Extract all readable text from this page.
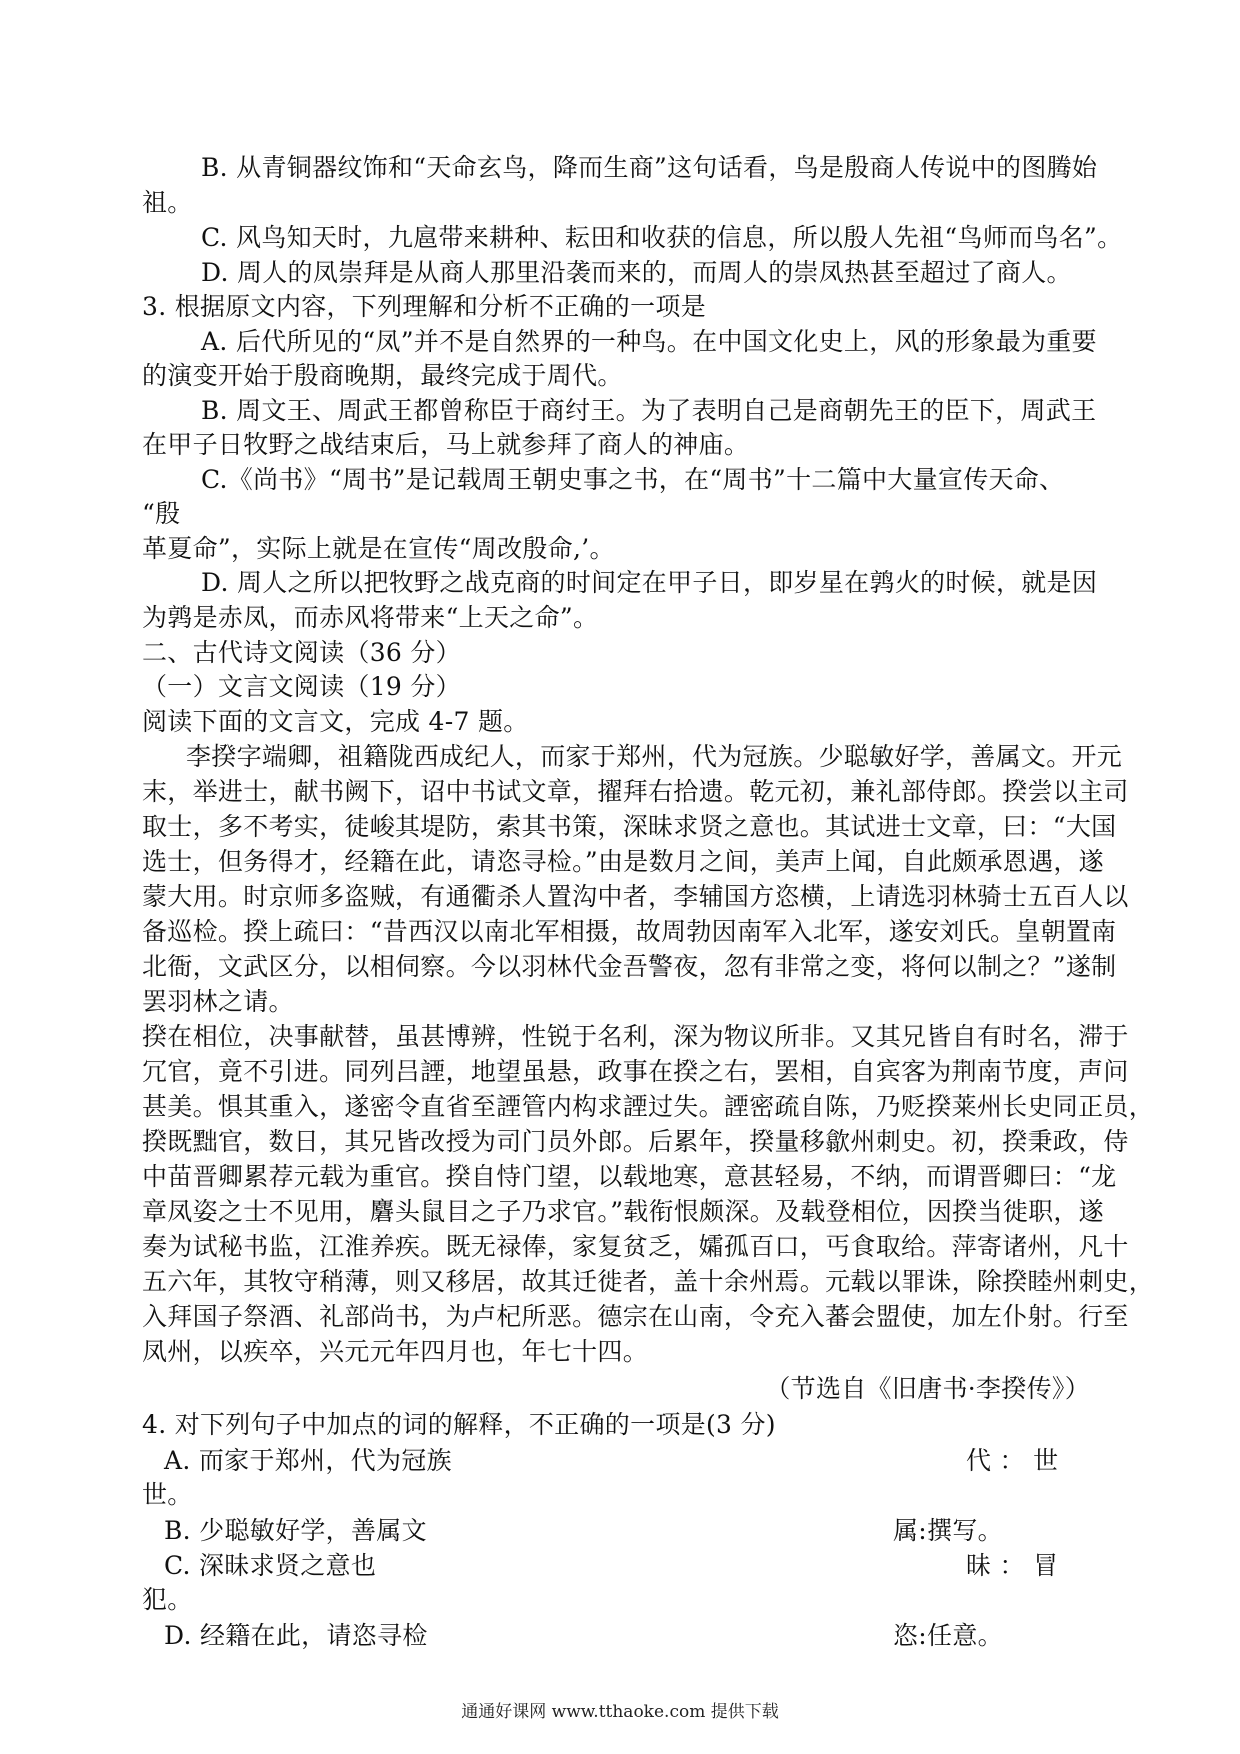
B. 从青铜器纹饰和“天命玄鸟，降而生商”这句话看，鸟是殷商人传说中的图腾始
祖。
C. 风鸟知天时，九扈带来耕种、耘田和收获的信息，所以殷人先祖“鸟师而鸟名”。
D. 周人的凤崇拜是从商人那里沿袭而来的，而周人的崇凤热甚至超过了商人。
3. 根据原文内容，下列理解和分析不正确的一项是
A. 后代所见的“凤”并不是自然界的一种鸟。在中国文化史上，风的形象最为重要
的演变开始于殷商晚期，最终完成于周代。
B. 周文王、周武王都曾称臣于商纣王。为了表明自己是商朝先王的臣下，周武王
在甲子日牧野之战结束后，马上就参拜了商人的神庙。
C.《尚书》“周书”是记载周王朝史事之书，在“周书”十二篇中大量宣传天命、
“殷
革夏命”，实际上就是在宣传“周改殷命,’。
D. 周人之所以把牧野之战克商的时间定在甲子日，即岁星在鹑火的时候，就是因
为鹑是赤凤，而赤风将带来“上天之命”。
二、古代诗文阅读（36 分）
（一）文言文阅读（19 分）
阅读下面的文言文，完成 4-7 题。
李揆字端卿，祖籍陇西成纪人，而家于郑州，代为冠族。少聪敏好学，善属文。开元
末，举进士，献书阙下，诏中书试文章，擢拜右拾遗。乾元初，兼礼部侍郎。揆尝以主司
取士，多不考实，徒峻其堤防，索其书策，深昧求贤之意也。其试进士文章，曰：“大国
选士，但务得才，经籍在此，请恣寻检。”由是数月之间，美声上闻，自此颇承恩遇，遂
蒙大用。时京师多盗贼，有通衢杀人置沟中者，李辅国方恣横，上请选羽林骑士五百人以
备巡检。揆上疏曰：“昔西汉以南北军相摄，故周勃因南军入北军，遂安刘氏。皇朝置南
北衙，文武区分，以相伺察。今以羽林代金吾警夜，忽有非常之变，将何以制之？”遂制
罢羽林之请。
揆在相位，决事献替，虽甚博辨，性锐于名利，深为物议所非。又其兄皆自有时名，滞于
冗官，竟不引进。同列吕諲，地望虽悬，政事在揆之右，罢相，自宾客为荆南节度，声问
甚美。惧其重入，遂密令直省至諲管内构求諲过失。諲密疏自陈，乃贬揆莱州长史同正员，
揆既黜官，数日，其兄皆改授为司门员外郎。后累年，揆量移歙州刺史。初，揆秉政，侍
中苗晋卿累荐元载为重官。揆自恃门望，以载地寒，意甚轻易，不纳，而谓晋卿曰：“龙
章凤姿之士不见用，麏头鼠目之子乃求官。”载衔恨颇深。及载登相位，因揆当徙职，遂
奏为试秘书监，江淮养疾。既无禄俸，家复贫乏，孀孤百口，丐食取给。萍寄诸州，凡十
五六年，其牧守稍薄，则又移居，故其迁徙者，盖十余州焉。元载以罪诛，除揆睦州刺史，
入拜国子祭酒、礼部尚书，为卢杞所恶。德宗在山南，令充入蕃会盟使，加左仆射。行至
凤州，以疾卒，兴元元年四月也，年七十四。
（节选自《旧唐书·李揆传》）
4. 对下列句子中加点的词的解释，不正确的一项是(3 分)
A. 而家于郑州，代为冠族	代 ： 世
世。
B. 少聪敏好学，善属文	属:撰写。
C. 深昧求贤之意也	昧 ： 冒
犯。
D. 经籍在此，请恣寻检	恣:任意。
通通好课网 www.tthaoke.com 提供下载
